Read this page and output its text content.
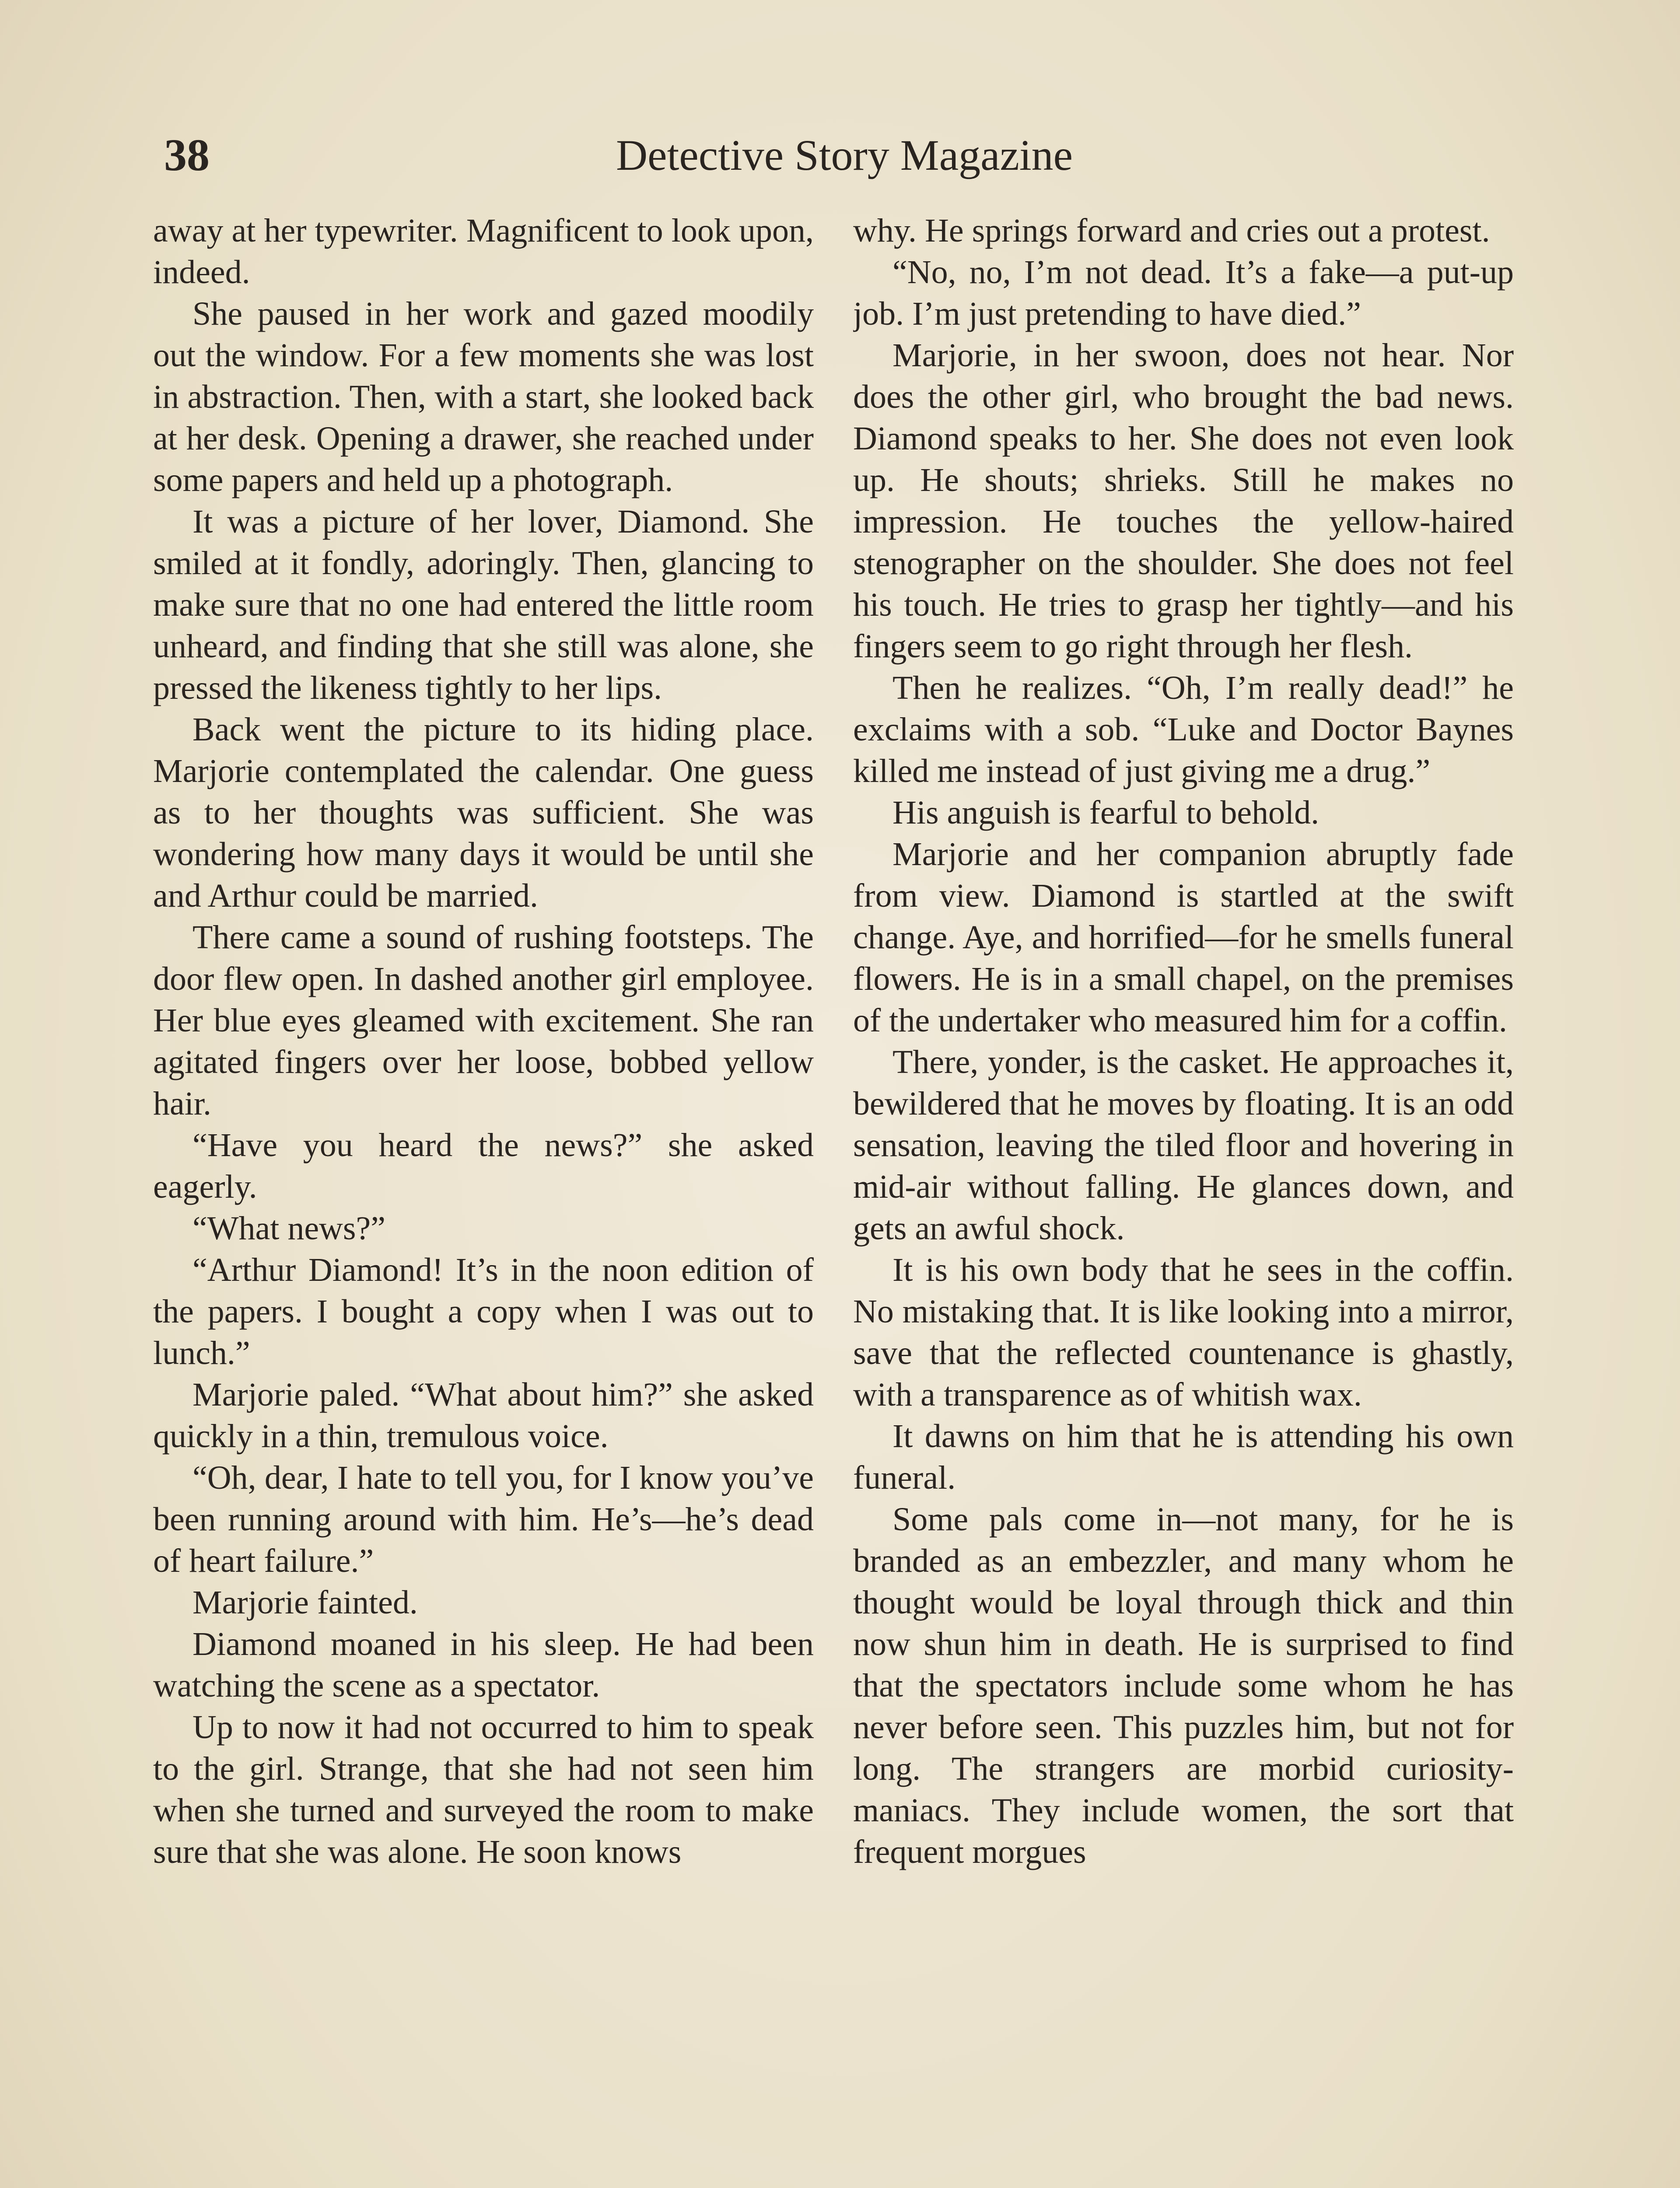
38	Detective Story Magazine

away at her typewriter. Magnificent to look upon, indeed.

She paused in her work and gazed moodily out the window. For a few moments she was lost in abstraction. Then, with a start, she looked back at her desk. Opening a drawer, she reached under some papers and held up a photograph.

It was a picture of her lover, Diamond. She smiled at it fondly, adoringly. Then, glancing to make sure that no one had entered the little room unheard, and finding that she still was alone, she pressed the likeness tightly to her lips.

Back went the picture to its hiding place. Marjorie contemplated the calendar. One guess as to her thoughts was sufficient. She was wondering how many days it would be until she and Arthur could be married.

There came a sound of rushing footsteps. The door flew open. In dashed another girl employee. Her blue eyes gleamed with excitement. She ran agitated fingers over her loose, bobbed yellow hair.

“Have you heard the news?” she asked eagerly.

“What news?”

“Arthur Diamond! It’s in the noon edition of the papers. I bought a copy when I was out to lunch.”

Marjorie paled. “What about him?” she asked quickly in a thin, tremulous voice.

“Oh, dear, I hate to tell you, for I know you’ve been running around with him. He’s—he’s dead of heart failure.”

Marjorie fainted.

Diamond moaned in his sleep. He had been watching the scene as a spectator.

Up to now it had not occurred to him to speak to the girl. Strange, that she had not seen him when she turned and surveyed the room to make sure that she was alone. He soon knows

why. He springs forward and cries out a protest.

“No, no, I’m not dead. It’s a fake—a put-up job. I’m just pretending to have died.”

Marjorie, in her swoon, does not hear. Nor does the other girl, who brought the bad news. Diamond speaks to her. She does not even look up. He shouts; shrieks. Still he makes no impression. He touches the yellow-haired stenographer on the shoulder. She does not feel his touch. He tries to grasp her tightly—and his fingers seem to go right through her flesh.

Then he realizes. “Oh, I’m really dead!” he exclaims with a sob. “Luke and Doctor Baynes killed me instead of just giving me a drug.”

His anguish is fearful to behold.

Marjorie and her companion abruptly fade from view. Diamond is startled at the swift change. Aye, and horrified—for he smells funeral flowers. He is in a small chapel, on the premises of the undertaker who measured him for a coffin.

There, yonder, is the casket. He approaches it, bewildered that he moves by floating. It is an odd sensation, leaving the tiled floor and hovering in mid-air without falling. He glances down, and gets an awful shock.

It is his own body that he sees in the coffin. No mistaking that. It is like looking into a mirror, save that the reflected countenance is ghastly, with a transparence as of whitish wax.

It dawns on him that he is attending his own funeral.

Some pals come in—not many, for he is branded as an embezzler, and many whom he thought would be loyal through thick and thin now shun him in death. He is surprised to find that the spectators include some whom he has never before seen. This puzzles him, but not for long. The strangers are morbid curiosity-maniacs. They include women, the sort that frequent morgues
